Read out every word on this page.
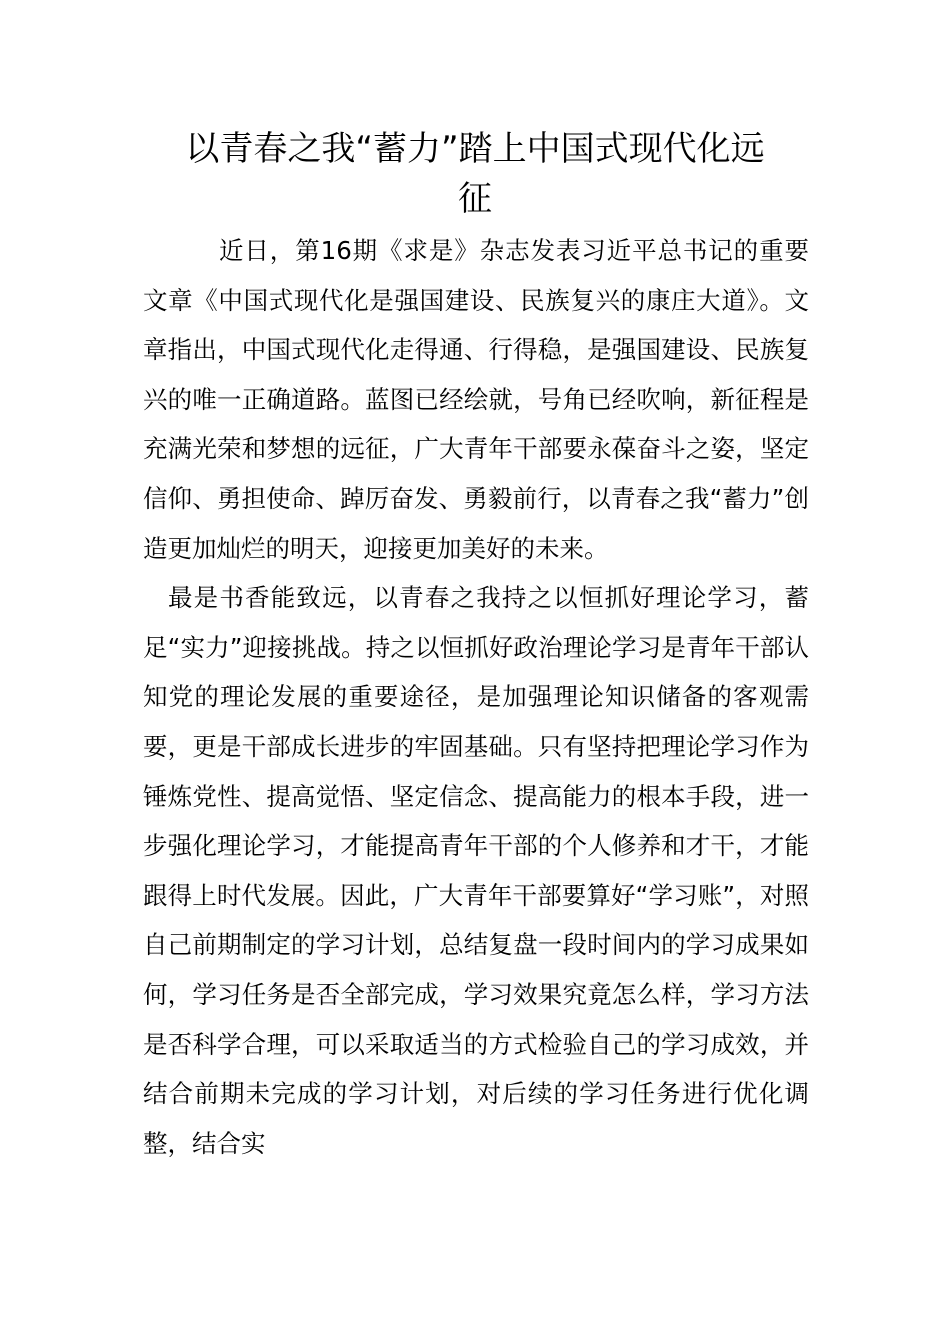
以青春之我“蓄力”踏上中国式现代化远
征

近日，第16期《求是》杂志发表习近平总书记的重要文章《中国式现代化是强国建设、民族复兴的康庄大道》。文章指出，中国式现代化走得通、行得稳，是强国建设、民族复兴的唯一正确道路。蓝图已经绘就，号角已经吹响，新征程是充满光荣和梦想的远征，广大青年干部要永葆奋斗之姿，坚定信仰、勇担使命、踔厉奋发、勇毅前行，以青春之我“蓄力”创造更加灿烂的明天，迎接更加美好的未来。

最是书香能致远，以青春之我持之以恒抓好理论学习，蓄足“实力”迎接挑战。持之以恒抓好政治理论学习是青年干部认知党的理论发展的重要途径，是加强理论知识储备的客观需要，更是干部成长进步的牢固基础。只有坚持把理论学习作为锤炼党性、提高觉悟、坚定信念、提高能力的根本手段，进一步强化理论学习，才能提高青年干部的个人修养和才干，才能跟得上时代发展。因此，广大青年干部要算好“学习账”，对照自己前期制定的学习计划，总结复盘一段时间内的学习成果如何，学习任务是否全部完成，学习效果究竟怎么样，学习方法是否科学合理，可以采取适当的方式检验自己的学习成效，并结合前期未完成的学习计划，对后续的学习任务进行优化调整，结合实
